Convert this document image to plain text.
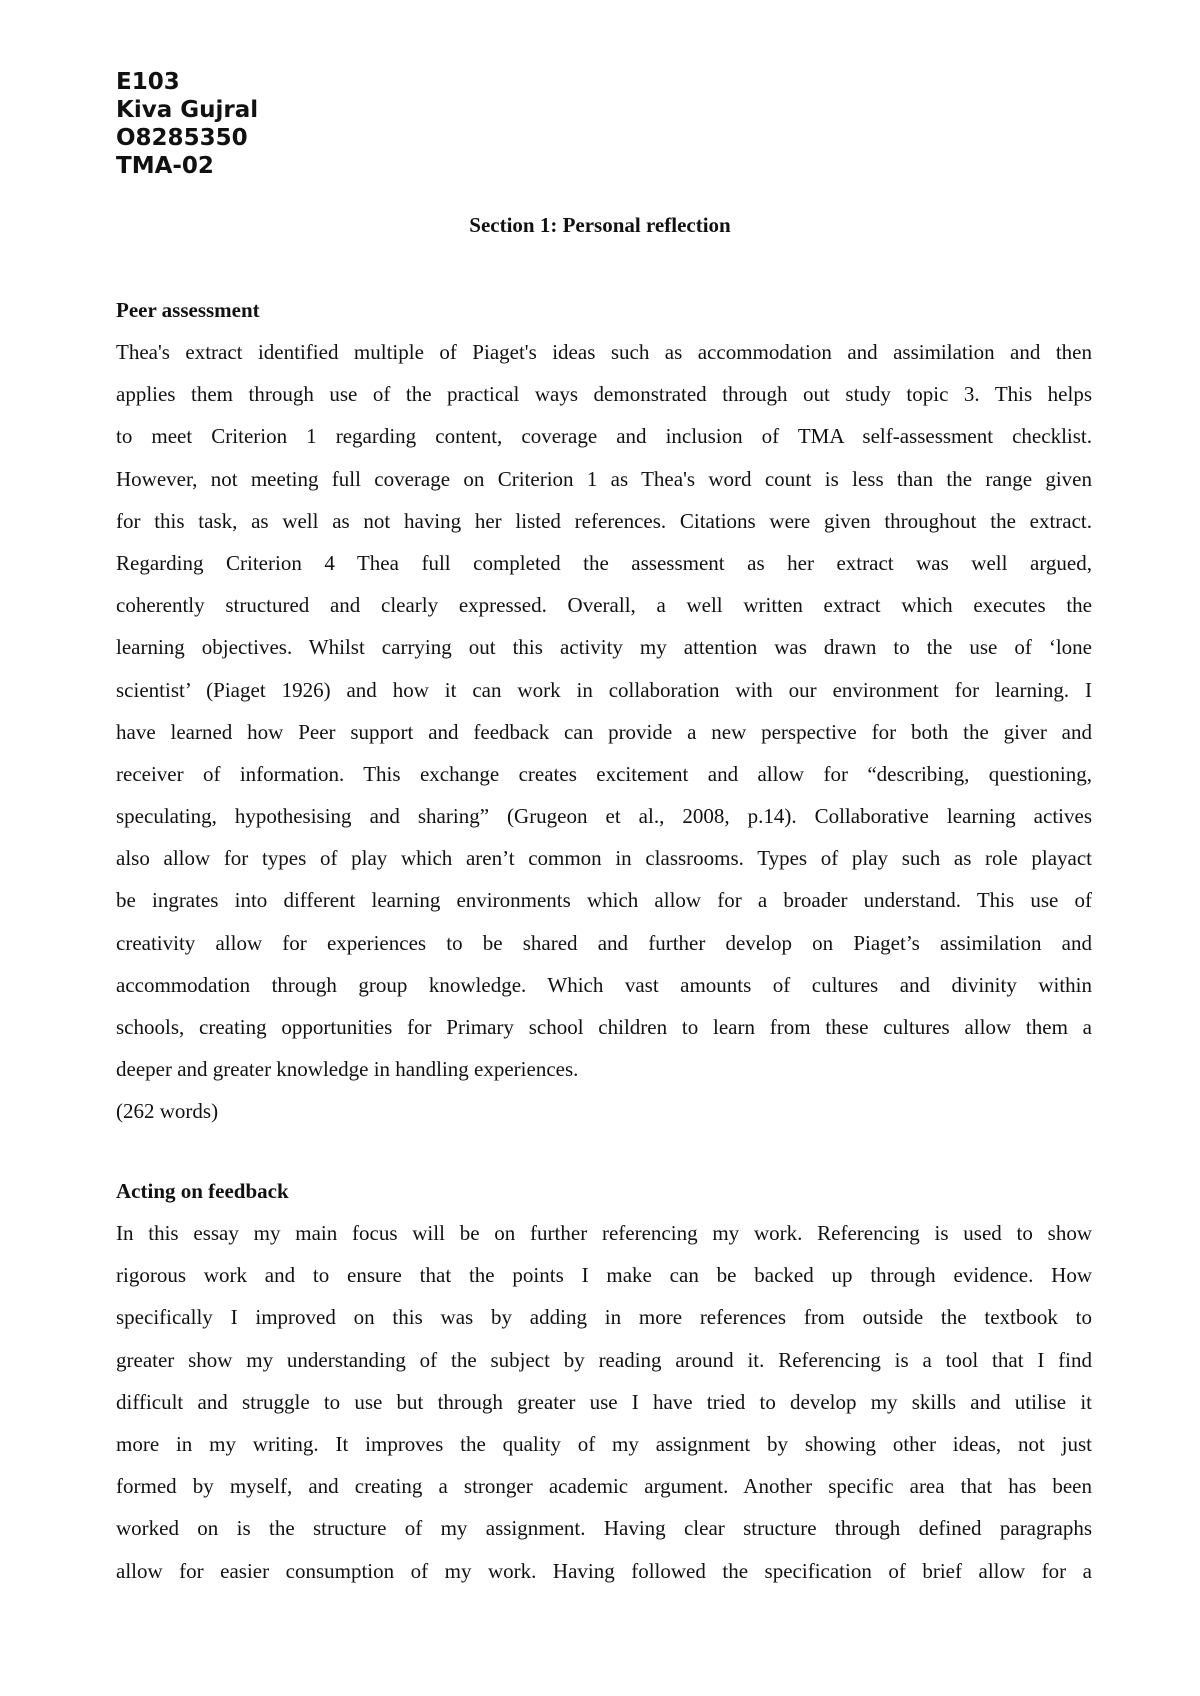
E103
Kiva Gujral
O8285350
TMA-02
Section 1: Personal reflection
Peer assessment
Thea's extract identified multiple of Piaget's ideas such as accommodation and assimilation and then
applies them through use of the practical ways demonstrated through out study topic 3. This helps
to meet Criterion 1 regarding content, coverage and inclusion of TMA self-assessment checklist.
However, not meeting full coverage on Criterion 1 as Thea's word count is less than the range given
for this task, as well as not having her listed references. Citations were given throughout the extract.
Regarding Criterion 4 Thea full completed the assessment as her extract was well argued,
coherently structured and clearly expressed. Overall, a well written extract which executes the
learning objectives. Whilst carrying out this activity my attention was drawn to the use of ‘lone
scientist’ (Piaget 1926) and how it can work in collaboration with our environment for learning. I
have learned how Peer support and feedback can provide a new perspective for both the giver and
receiver of information. This exchange creates excitement and allow for “describing, questioning,
speculating, hypothesising and sharing” (Grugeon et al., 2008, p.14). Collaborative learning actives
also allow for types of play which aren’t common in classrooms. Types of play such as role playact
be ingrates into different learning environments which allow for a broader understand. This use of
creativity allow for experiences to be shared and further develop on Piaget’s assimilation and
accommodation through group knowledge. Which vast amounts of cultures and divinity within
schools, creating opportunities for Primary school children to learn from these cultures allow them a
deeper and greater knowledge in handling experiences.
(262 words)
Acting on feedback
In this essay my main focus will be on further referencing my work. Referencing is used to show
rigorous work and to ensure that the points I make can be backed up through evidence. How
specifically I improved on this was by adding in more references from outside the textbook to
greater show my understanding of the subject by reading around it. Referencing is a tool that I find
difficult and struggle to use but through greater use I have tried to develop my skills and utilise it
more in my writing. It improves the quality of my assignment by showing other ideas, not just
formed by myself, and creating a stronger academic argument. Another specific area that has been
worked on is the structure of my assignment. Having clear structure through defined paragraphs
allow for easier consumption of my work. Having followed the specification of brief allow for a
